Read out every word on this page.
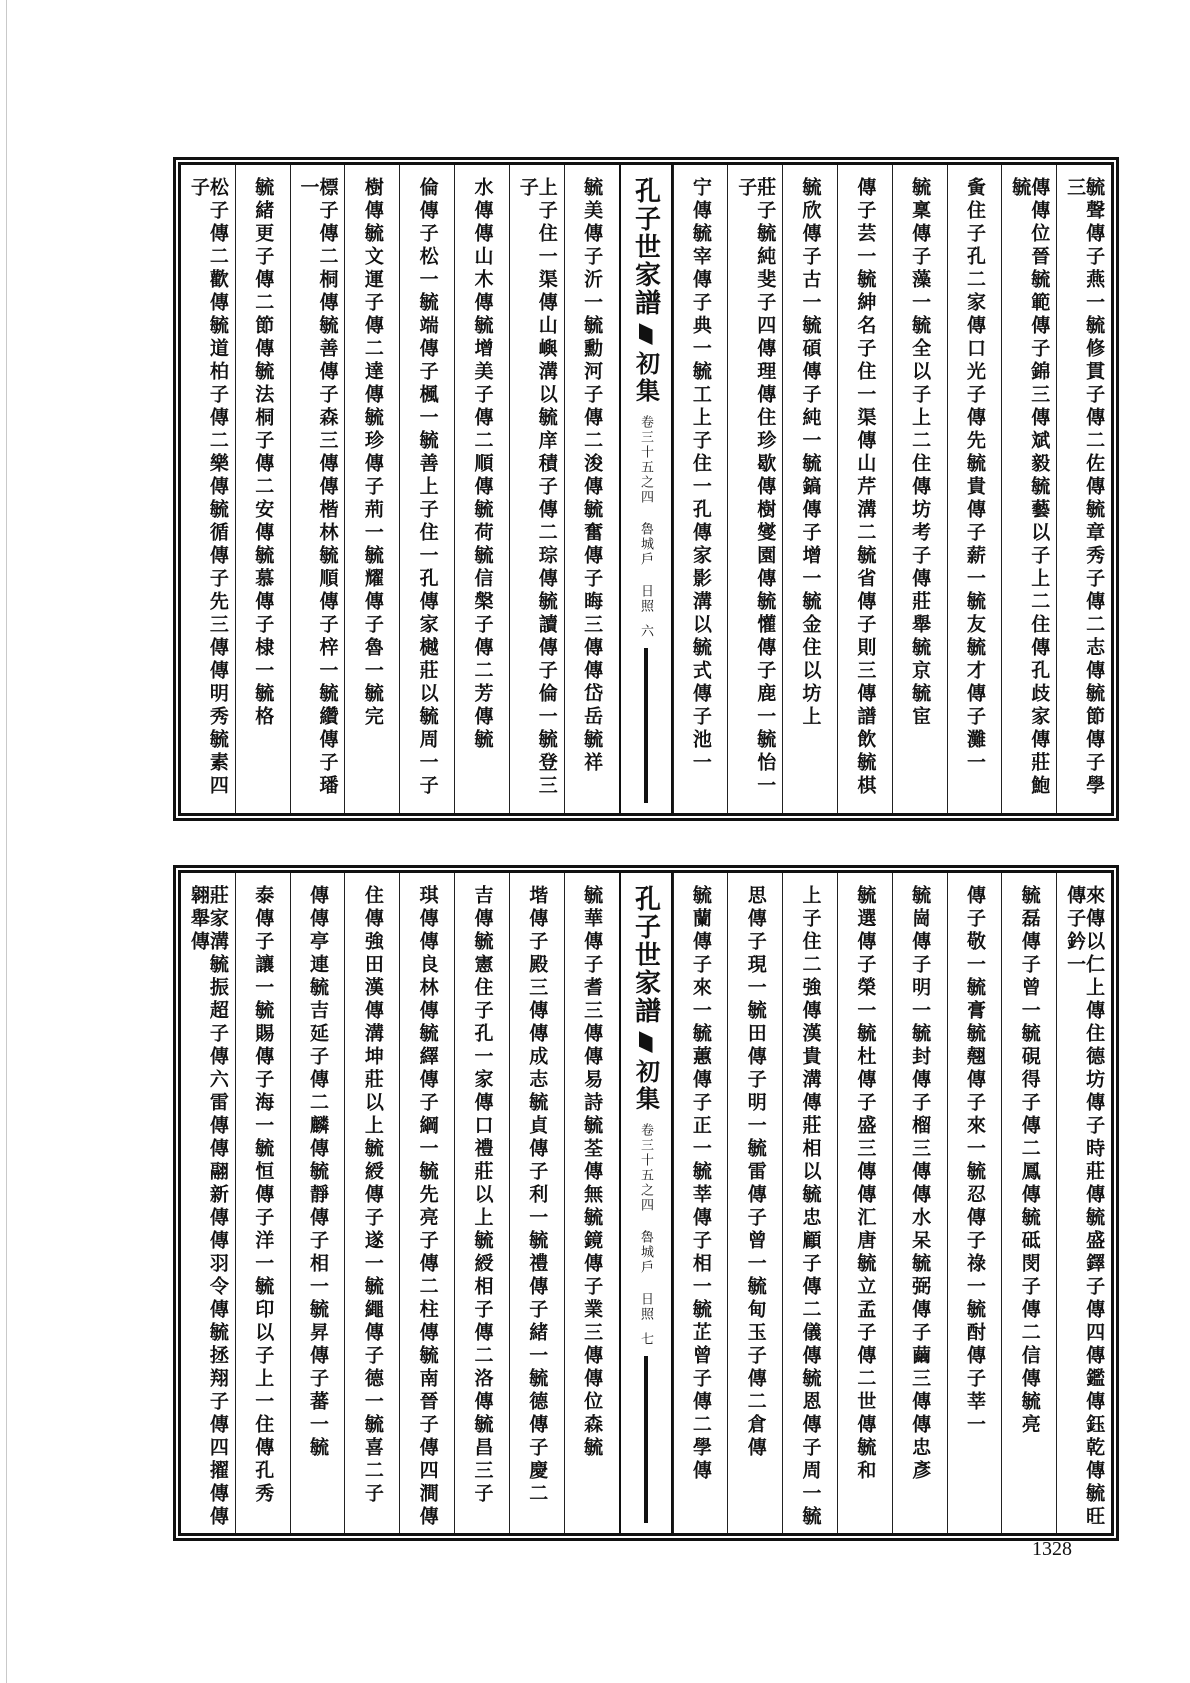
毓聲傳子燕一毓修貫子傳二佐傳毓章秀子傳二志傳毓節傳子學三
傳傳位晉毓範傳子錦三傳斌毅毓藝以子上二住傳孔歧家傳莊鮑毓
夤住子孔二家傳口光子傳先毓貴傳子薪一毓友毓才傳子灘一
毓稟傳子藻一毓全以子上二住傳坊考子傳莊舉毓京毓宦
傳子芸一毓紳名子住一渠傳山芹溝二毓省傳子則三傳譜飲毓棋
毓欣傳子古一毓碩傳子純一毓鎬傳子增一毓金住以坊上
莊子毓純斐子四傳理傳住珍歇傳樹燮園傳毓懽傳子鹿一毓怡一子
宁傳毓宰傳子典一毓工上子住一孔傳家影溝以毓式傳子池一
孔子世家譜
初集
卷三十五之四 魯城戶 日照
六
毓美傳子沂一毓勳河子傳二浚傳毓奮傳子晦三傳傳岱岳毓祥
上子住一渠傳山嶼溝以毓庠積子傳二琮傳毓讀傳子倫一毓登三子
水傳傳山木傳毓增美子傳二順傳毓荷毓信槃子傳二芳傳毓
倫傳子松一毓端傳子楓一毓善上子住一孔傳家樾莊以毓周一子
樹傳毓文運子傳二達傳毓珍傳子荊一毓耀傳子魯一毓完
標子傳二桐傳毓善傳子森三傳傳楷林毓順傳子梓一毓纘傳子璠一
毓緒更子傳二節傳毓法桐子傳二安傳毓慕傳子棣一毓格
松子傳二歡傳毓道柏子傳二樂傳毓循傳子先三傳傳明秀毓素四子
來傳以仁上傳住德坊傳子時莊傳毓盛鐸子傳四傳鑑傳鈺乾傳毓旺傳子鈐一
毓磊傳子曾一毓硯得子傳二鳳傳毓砥閔子傳二信傳毓亮
傳子敬一毓膏毓翹傳子來一毓忍傳子祿一毓酎傳子莘一
毓崗傳子明一毓封傳子榴三傳傳水呆毓弼傳子繭三傳傳忠彥
毓選傳子榮一毓杜傳子盛三傳傳汇唐毓立孟子傳二世傳毓和
上子住二強傳漢貴溝傳莊相以毓忠顧子傳二儀傳毓恩傳子周一毓
思傳子現一毓田傳子明一毓雷傳子曾一毓甸玉子傳二倉傳
毓蘭傳子來一毓蕙傳子正一毓莘傳子相一毓芷曾子傳二學傳
孔子世家譜
初集
卷三十五之四 魯城戶 日照
七
毓華傳子耆三傳傳易詩毓荃傳無毓鏡傳子業三傳傳位森毓
堦傳子殿三傳傳成志毓貞傳子利一毓禮傳子緒一毓德傳子慶二
吉傳毓憲住子孔一家傳口禮莊以上毓綬相子傳二洛傳毓昌三子
琪傳傳良林傳毓繹傳子綱一毓先亮子傳二柱傳毓南晉子傳四澗傳
住傳強田漢傳溝坤莊以上毓綬傳子遂一毓繩傳子德一毓喜二子
傳傳亭連毓吉延子傳二麟傳毓靜傳子相一毓昇傳子蕃一毓
泰傳子讓一毓賜傳子海一毓恒傳子洋一毓印以子上一住傳孔秀
莊家溝毓振超子傳六雷傳傳翮新傳傳羽令傳毓拯翔子傳四擢傳傳翱舉傳
1328
